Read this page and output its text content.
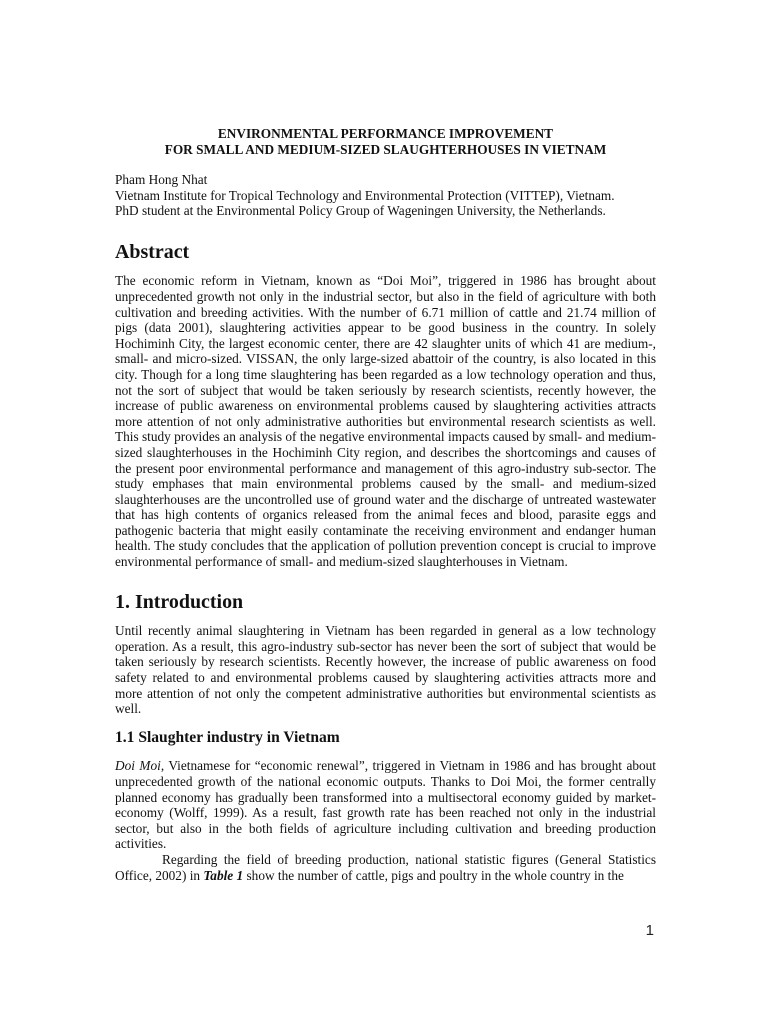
ENVIRONMENTAL PERFORMANCE IMPROVEMENT
FOR SMALL AND MEDIUM-SIZED SLAUGHTERHOUSES IN VIETNAM
Pham Hong Nhat
Vietnam Institute for Tropical Technology and Environmental Protection (VITTEP), Vietnam.
PhD student at the Environmental Policy Group of Wageningen University, the Netherlands.
Abstract

The economic reform in Vietnam, known as “Doi Moi”, triggered in 1986 has brought about unprecedented growth not only in the industrial sector, but also in the field of agriculture with both cultivation and breeding activities. With the number of 6.71 million of cattle and 21.74 million of pigs (data 2001), slaughtering activities appear to be good business in the country. In solely Hochiminh City, the largest economic center, there are 42 slaughter units of which 41 are medium-, small- and micro-sized. VISSAN, the only large-sized abattoir of the country, is also located in this city. Though for a long time slaughtering has been regarded as a low technology operation and thus, not the sort of subject that would be taken seriously by research scientists, recently however, the increase of public awareness on environmental problems caused by slaughtering activities attracts more attention of not only administrative authorities but environmental research scientists as well. This study provides an analysis of the negative environmental impacts caused by small- and medium-sized slaughterhouses in the Hochiminh City region, and describes the shortcomings and causes of the present poor environmental performance and management of this agro-industry sub-sector. The study emphases that main environmental problems caused by the small- and medium-sized slaughterhouses are the uncontrolled use of ground water and the discharge of untreated wastewater that has high contents of organics released from the animal feces and blood, parasite eggs and pathogenic bacteria that might easily contaminate the receiving environment and endanger human health. The study concludes that the application of pollution prevention concept is crucial to improve environmental performance of small- and medium-sized slaughterhouses in Vietnam.

1. Introduction

Until recently animal slaughtering in Vietnam has been regarded in general as a low technology operation. As a result, this agro-industry sub-sector has never been the sort of subject that would be taken seriously by research scientists. Recently however, the increase of public awareness on food safety related to and environmental problems caused by slaughtering activities attracts more and more attention of not only the competent administrative authorities but environmental scientists as well.

1.1 Slaughter industry in Vietnam

Doi Moi, Vietnamese for “economic renewal”, triggered in Vietnam in 1986 and has brought about unprecedented growth of the national economic outputs. Thanks to Doi Moi, the former centrally planned economy has gradually been transformed into a multisectoral economy guided by market-economy (Wolff, 1999). As a result, fast growth rate has been reached not only in the industrial sector, but also in the both fields of agriculture including cultivation and breeding production activities.

Regarding the field of breeding production, national statistic figures (General Statistics Office, 2002) in Table 1 show the number of cattle, pigs and poultry in the whole country in the

1
